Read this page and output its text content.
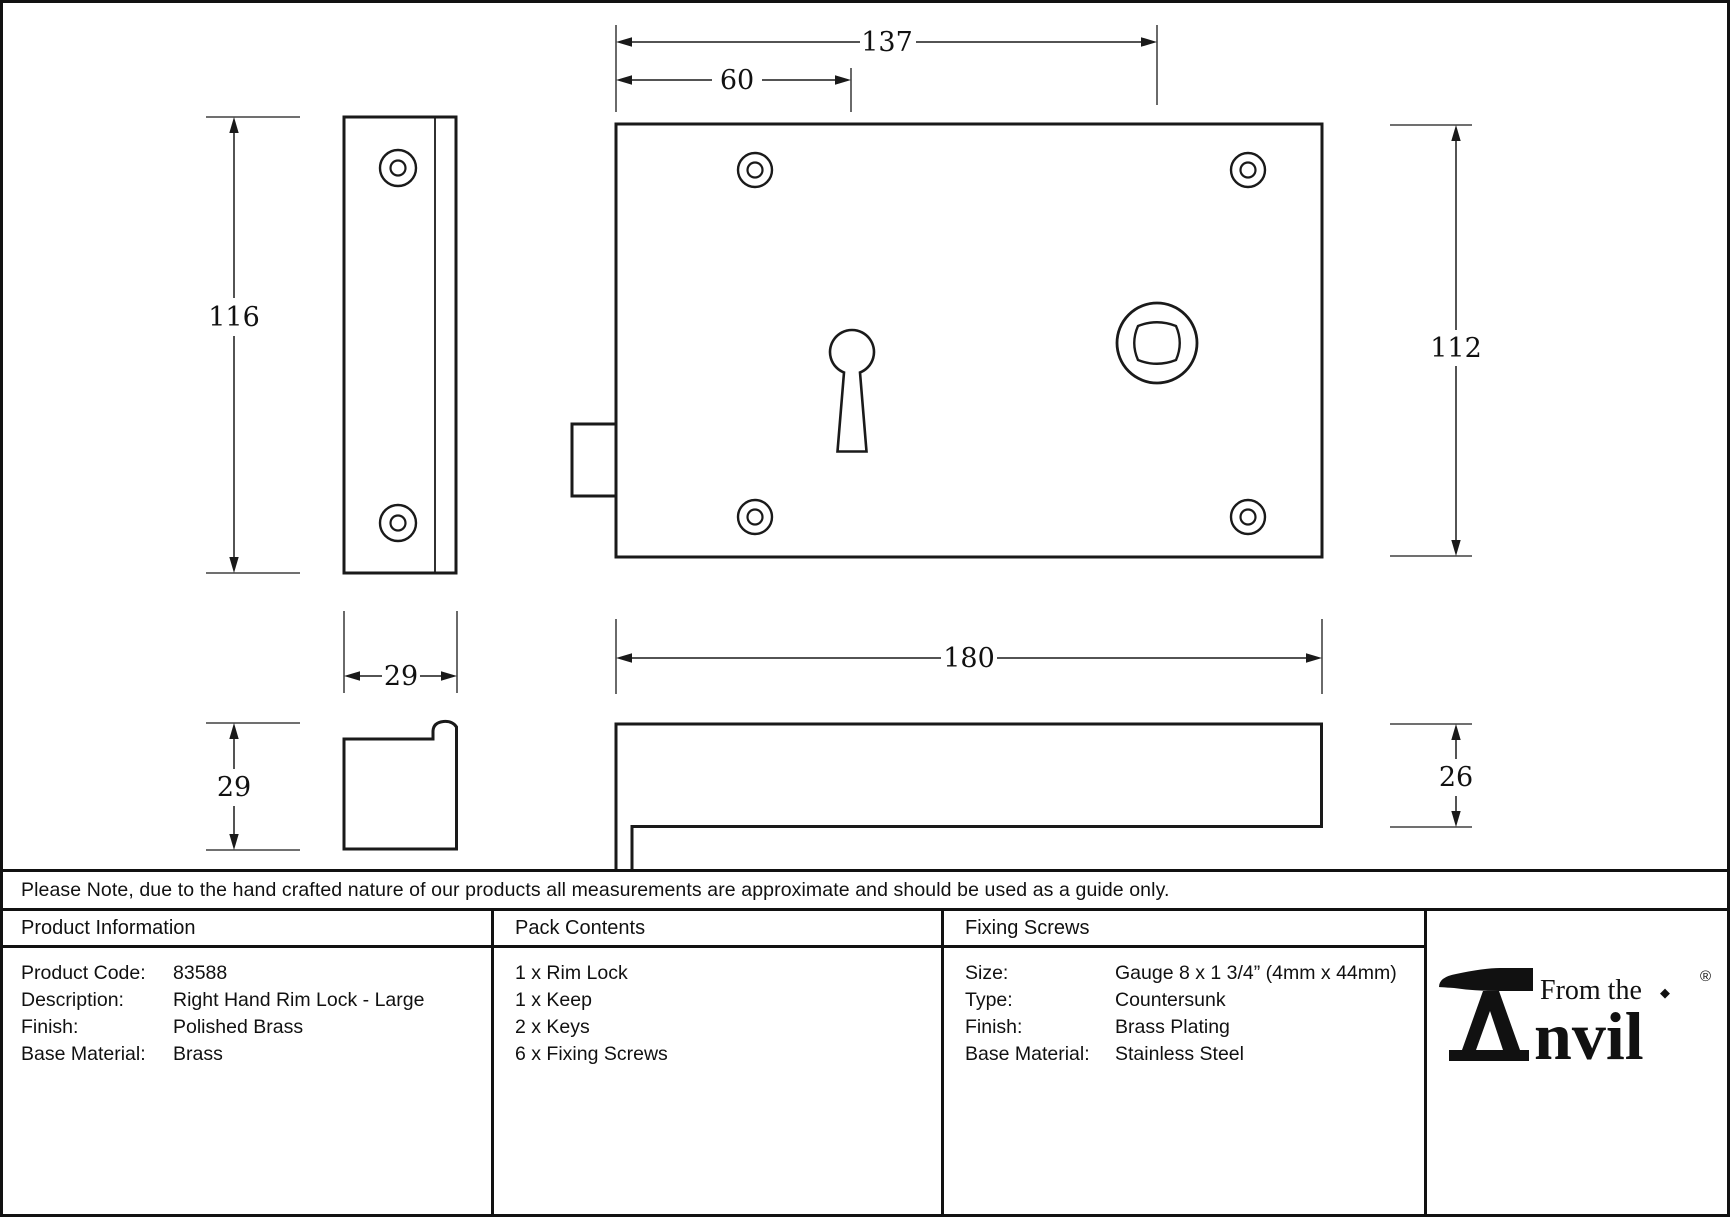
137
60
116
29
29
112
180
26
Please Note, due to the hand crafted nature of our products all measurements are approximate and should be used as a guide only.
Product Information
Product Code:	83588
Description:	Right Hand Rim Lock - Large
Finish:	Polished Brass
Base Material:	Brass
Pack Contents
1 x Rim Lock
1 x Keep
2 x Keys
6 x Fixing Screws
Fixing Screws
Size:	Gauge 8 x 1 3/4” (4mm x 44mm)
Type:	Countersunk
Finish:	Brass Plating
Base Material:	Stainless Steel
From the ◆
nvil
®
